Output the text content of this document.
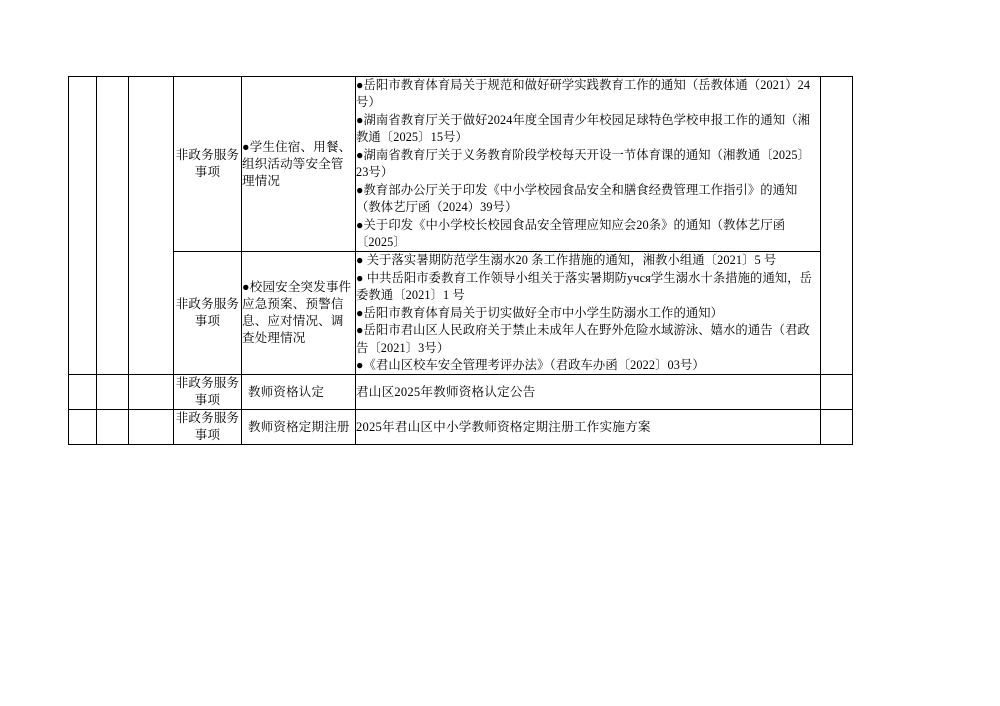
			非政务服务事项	●学生住宿、用餐、组织活动等安全管理情况	●岳阳市教育体育局关于规范和做好研学实践教育工作的通知（岳教体通（2021）24号）
●湖南省教育厅关于做好2024年度全国青少年校园足球特色学校申报工作的通知（湘教通〔2025〕15号）
●湖南省教育厅关于义务教育阶段学校每天开设一节体育课的通知（湘教通〔2025〕23号）
●教育部办公厅关于印发《中小学校园食品安全和膳食经费管理工作指引》的通知（教体艺厅函（2024）39号）
●关于印发《中小学校长校园食品安全管理应知应会20条》的通知（教体艺厅函〔2025〕	

			非政务服务事项	●校园安全突发事件应急预案、预警信息、应对情况、调查处理情况	● 关于落实暑期防范学生溺水20 条工作措施的通知，湘教小组通〔2021〕5 号
● 中共岳阳市委教育工作领导小组关于落实暑期防учся学生溺水十条措施的通知，岳委教通〔2021〕1 号
●岳阳市教育体育局关于切实做好全市中小学生防溺水工作的通知）
●岳阳市君山区人民政府关于禁止未成年人在野外危险水域游泳、嬉水的通告（君政告〔2021〕3号）
●《君山区校车安全管理考评办法》（君政车办函〔2022〕03号）	

			非政务服务事项	教师资格认定	君山区2025年教师资格认定公告	
			非政务服务事项	教师资格定期注册	2025年君山区中小学教师资格定期注册工作实施方案	
